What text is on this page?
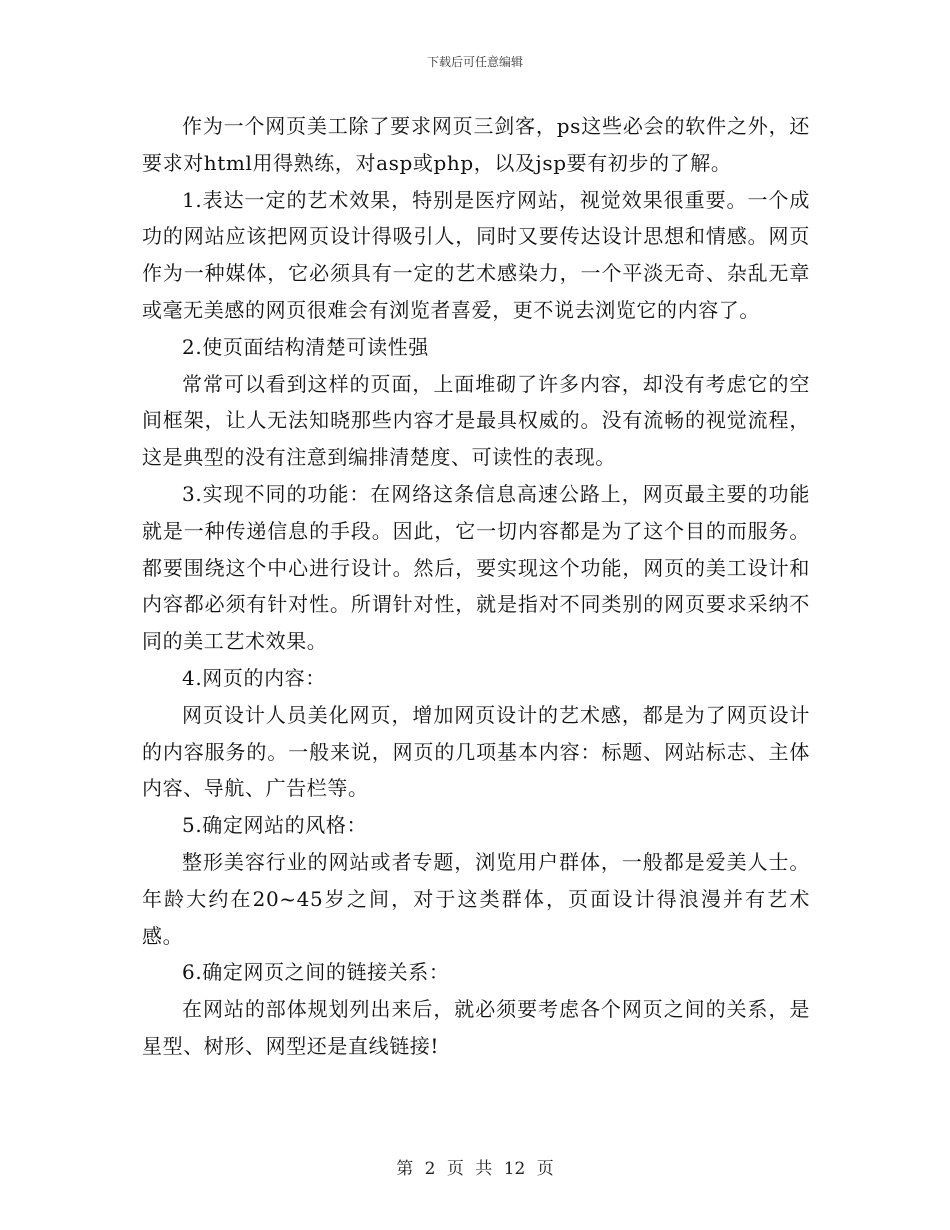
下载后可任意编辑

作为一个网页美工除了要求网页三剑客，ps这些必会的软件之外，还要求对html用得熟练，对asp或php，以及jsp要有初步的了解。

1.表达一定的艺术效果，特别是医疗网站，视觉效果很重要。一个成功的网站应该把网页设计得吸引人，同时又要传达设计思想和情感。网页作为一种媒体，它必须具有一定的艺术感染力，一个平淡无奇、杂乱无章或毫无美感的网页很难会有浏览者喜爱，更不说去浏览它的内容了。

2.使页面结构清楚可读性强

常常可以看到这样的页面，上面堆砌了许多内容，却没有考虑它的空间框架，让人无法知晓那些内容才是最具权威的。没有流畅的视觉流程，这是典型的没有注意到编排清楚度、可读性的表现。

3.实现不同的功能：在网络这条信息高速公路上，网页最主要的功能就是一种传递信息的手段。因此，它一切内容都是为了这个目的而服务。都要围绕这个中心进行设计。然后，要实现这个功能，网页的美工设计和内容都必须有针对性。所谓针对性，就是指对不同类别的网页要求采纳不同的美工艺术效果。

4.网页的内容：

网页设计人员美化网页，增加网页设计的艺术感，都是为了网页设计的内容服务的。一般来说，网页的几项基本内容：标题、网站标志、主体内容、导航、广告栏等。

5.确定网站的风格：

整形美容行业的网站或者专题，浏览用户群体，一般都是爱美人士。年龄大约在20~45岁之间，对于这类群体，页面设计得浪漫并有艺术感。

6.确定网页之间的链接关系：

在网站的部体规划列出来后，就必须要考虑各个网页之间的关系，是星型、树形、网型还是直线链接!

第 2 页 共 12 页
